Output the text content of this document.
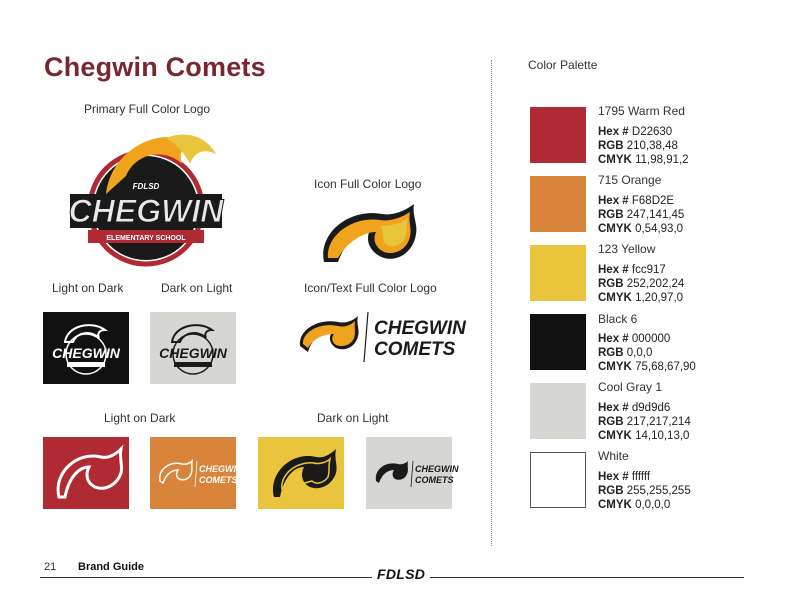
Chegwin Comets
Primary Full Color Logo
FDLSD
CHEGWIN
ELEMENTARY SCHOOL
Icon Full Color Logo
Light on Dark	Dark on Light
CHEGWIN	CHEGWIN
Icon/Text Full Color Logo
CHEGWIN
COMETS
Light on Dark	Dark on Light
CHEGWIN
COMETS
CHEGWIN
COMETS
Color Palette
1795 Warm Red
Hex # D22630
RGB 210,38,48
CMYK 11,98,91,2
715 Orange
Hex # F68D2E
RGB 247,141,45
CMYK 0,54,93,0
123 Yellow
Hex # fcc917
RGB 252,202,24
CMYK 1,20,97,0
Black 6
Hex # 000000
RGB 0,0,0
CMYK 75,68,67,90
Cool Gray 1
Hex # d9d9d6
RGB 217,217,214
CMYK 14,10,13,0
White
Hex # ffffff
RGB 255,255,255
CMYK 0,0,0,0
21 Brand Guide	FDLSD
